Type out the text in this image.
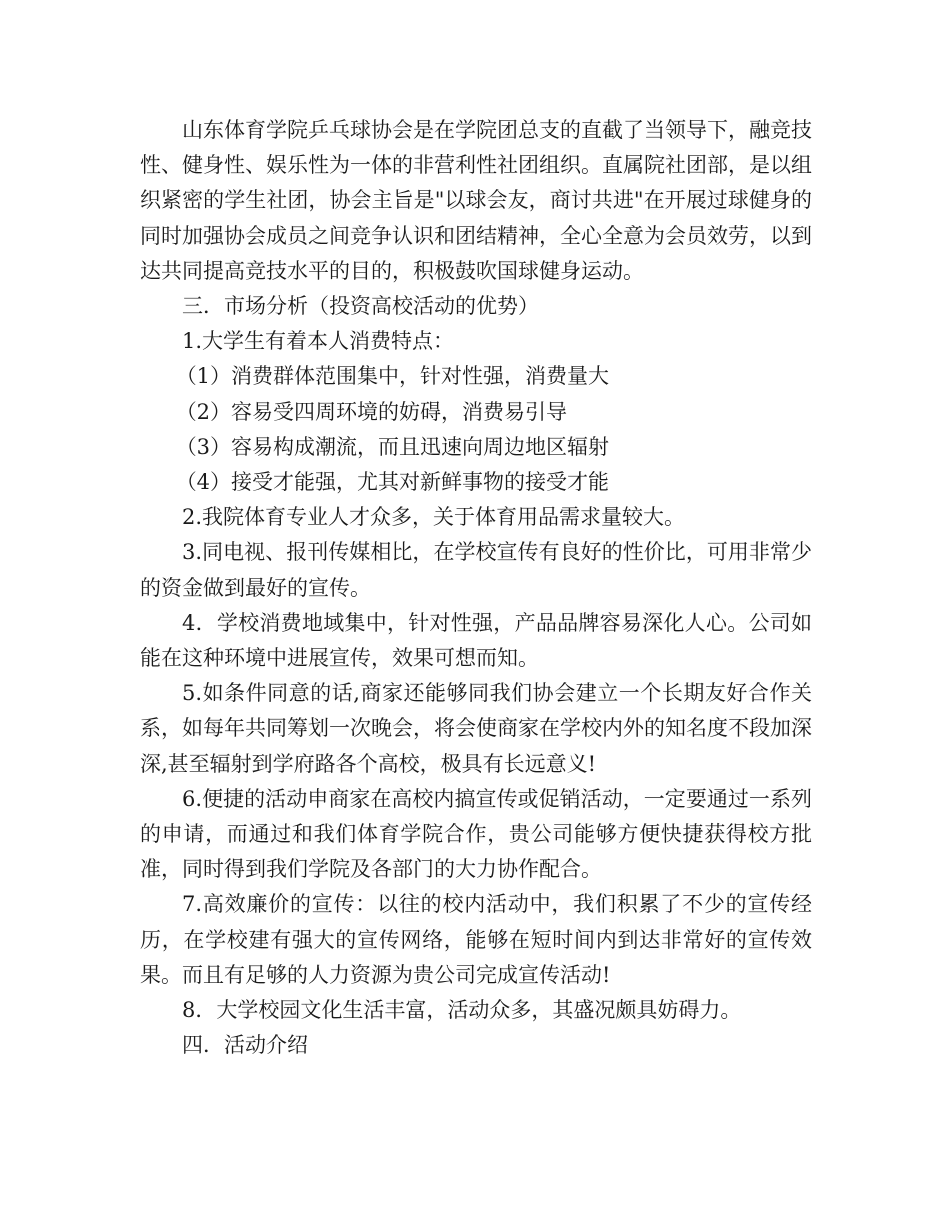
山东体育学院乒乓球协会是在学院团总支的直截了当领导下，融竞技性、健身性、娱乐性为一体的非营利性社团组织。直属院社团部，是以组织紧密的学生社团，协会主旨是"以球会友，商讨共进"在开展过球健身的同时加强协会成员之间竞争认识和团结精神，全心全意为会员效劳，以到达共同提高竞技水平的目的，积极鼓吹国球健身运动。

三．市场分析（投资高校活动的优势）

1.大学生有着本人消费特点：

（1）消费群体范围集中，针对性强，消费量大

（2）容易受四周环境的妨碍，消费易引导

（3）容易构成潮流，而且迅速向周边地区辐射

（4）接受才能强，尤其对新鲜事物的接受才能

2.我院体育专业人才众多，关于体育用品需求量较大。

3.同电视、报刊传媒相比，在学校宣传有良好的性价比，可用非常少的资金做到最好的宣传。

4．学校消费地域集中，针对性强，产品品牌容易深化人心。公司如能在这种环境中进展宣传，效果可想而知。

5.如条件同意的话,商家还能够同我们协会建立一个长期友好合作关系，如每年共同筹划一次晚会，将会使商家在学校内外的知名度不段加深深,甚至辐射到学府路各个高校，极具有长远意义!

6.便捷的活动申商家在高校内搞宣传或促销活动，一定要通过一系列的申请，而通过和我们体育学院合作，贵公司能够方便快捷获得校方批准，同时得到我们学院及各部门的大力协作配合。

7.高效廉价的宣传：以往的校内活动中，我们积累了不少的宣传经历，在学校建有强大的宣传网络，能够在短时间内到达非常好的宣传效果。而且有足够的人力资源为贵公司完成宣传活动!

8．大学校园文化生活丰富，活动众多，其盛况颇具妨碍力。

四．活动介绍
